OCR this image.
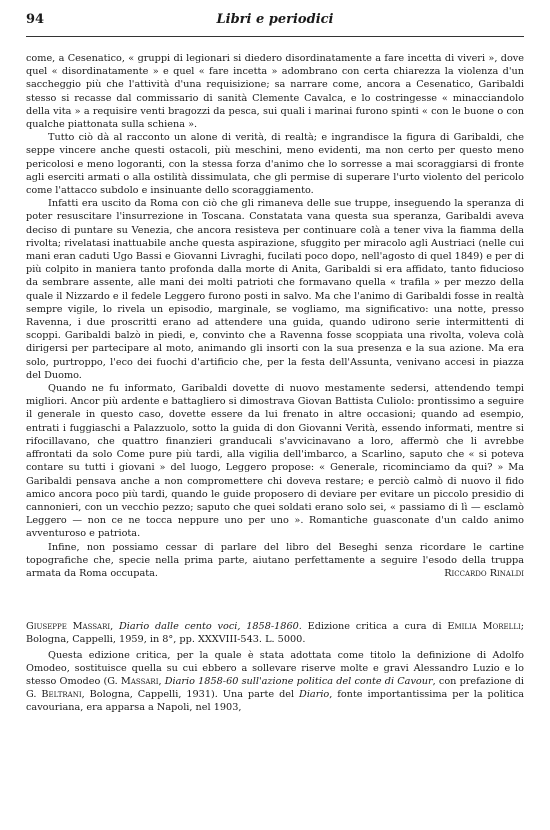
94	Libri e periodici

come, a Cesenatico, « gruppi di legionari si diedero disordinatamente a fare incetta di viveri », dove quel « disordinatamente » e quel « fare incetta » adombrano con certa chiarezza la violenza d'un saccheggio più che l'attività d'una requisizione; sa narrare come, ancora a Cesenatico, Garibaldi stesso si recasse dal commissario di sanità Clemente Cavalca, e lo costringesse « minacciandolo della vita » a requisire venti bragozzi da pesca, sui quali i marinai furono spinti « con le buone o con qualche piattonata sulla schiena ».

Tutto ciò dà al racconto un alone di verità, di realtà; e ingrandisce la figura di Garibaldi, che seppe vincere anche questi ostacoli, più meschini, meno evidenti, ma non certo per questo meno pericolosi e meno logoranti, con la stessa forza d'animo che lo sorresse a mai scoraggiarsi di fronte agli eserciti armati o alla ostilità dissimulata, che gli permise di superare l'urto violento del pericolo come l'attacco subdolo e insinuante dello scoraggiamento.

Infatti era uscito da Roma con ciò che gli rimaneva delle sue truppe, inseguendo la speranza di poter resuscitare l'insurrezione in Toscana. Constatata vana questa sua speranza, Garibaldi aveva deciso di puntare su Venezia, che ancora resisteva per continuare colà a tener viva la fiamma della rivolta; rivelatasi inattuabile anche questa aspirazione, sfuggito per miracolo agli Austriaci (nelle cui mani eran caduti Ugo Bassi e Giovanni Livraghi, fucilati poco dopo, nell'agosto di quel 1849) e per di più colpito in maniera tanto profonda dalla morte di Anita, Garibaldi si era affidato, tanto fiducioso da sembrare assente, alle mani dei molti patrioti che formavano quella « trafila » per mezzo della quale il Nizzardo e il fedele Leggero furono posti in salvo. Ma che l'animo di Garibaldi fosse in realtà sempre vigile, lo rivela un episodio, marginale, se vogliamo, ma significativo: una notte, presso Ravenna, i due proscritti erano ad attendere una guida, quando udirono serie intermittenti di scoppi. Garibaldi balzò in piedi, e, convinto che a Ravenna fosse scoppiata una rivolta, voleva colà dirigersi per partecipare al moto, animando gli insorti con la sua presenza e la sua azione. Ma era solo, purtroppo, l'eco dei fuochi d'artificio che, per la festa dell'Assunta, venivano accesi in piazza del Duomo.

Quando ne fu informato, Garibaldi dovette di nuovo mestamente sedersi, attendendo tempi migliori. Ancor più ardente e battagliero si dimostrava Giovan Battista Culiolo: prontissimo a seguire il generale in questo caso, dovette essere da lui frenato in altre occasioni; quando ad esempio, entrati i fuggiaschi a Palazzuolo, sotto la guida di don Giovanni Verità, essendo informati, mentre si rifocillavano, che quattro finanzieri granducali s'avvicinavano a loro, affermò che li avrebbe affrontati da solo Come pure più tardi, alla vigilia dell'imbarco, a Scarlino, saputo che « si poteva contare su tutti i giovani » del luogo, Leggero propose: « Generale, ricominciamo da qui? » Ma Garibaldi pensava anche a non compromettere chi doveva restare; e perciò calmò di nuovo il fido amico ancora poco più tardi, quando le guide proposero di deviare per evitare un piccolo presidio di cannonieri, con un vecchio pezzo; saputo che quei soldati erano solo sei, « passiamo di lì — esclamò Leggero — non ce ne tocca neppure uno per uno ». Romantiche guasconate d'un caldo animo avventuroso e patriota.

Infine, non possiamo cessar di parlare del libro del Beseghi senza ricordare le cartine topografiche che, specie nella prima parte, aiutano perfettamente a seguire l'esodo della truppa armata da Roma occupata.	Riccardo Rinaldi

Giuseppe Massari, Diario dalle cento voci, 1858-1860. Edizione critica a cura di Emilia Morelli; Bologna, Cappelli, 1959, in 8°, pp. XXXVIII-543. L. 5000.

Questa edizione critica, per la quale è stata adottata come titolo la definizione di Adolfo Omodeo, sostituisce quella su cui ebbero a sollevare riserve molte e gravi Alessandro Luzio e lo stesso Omodeo (G. Massari, Diario 1858-60 sull'azione politica del conte di Cavour, con prefazione di G. Beltrani, Bologna, Cappelli, 1931). Una parte del Diario, fonte importantissima per la politica cavouriana, era apparsa a Napoli, nel 1903,
